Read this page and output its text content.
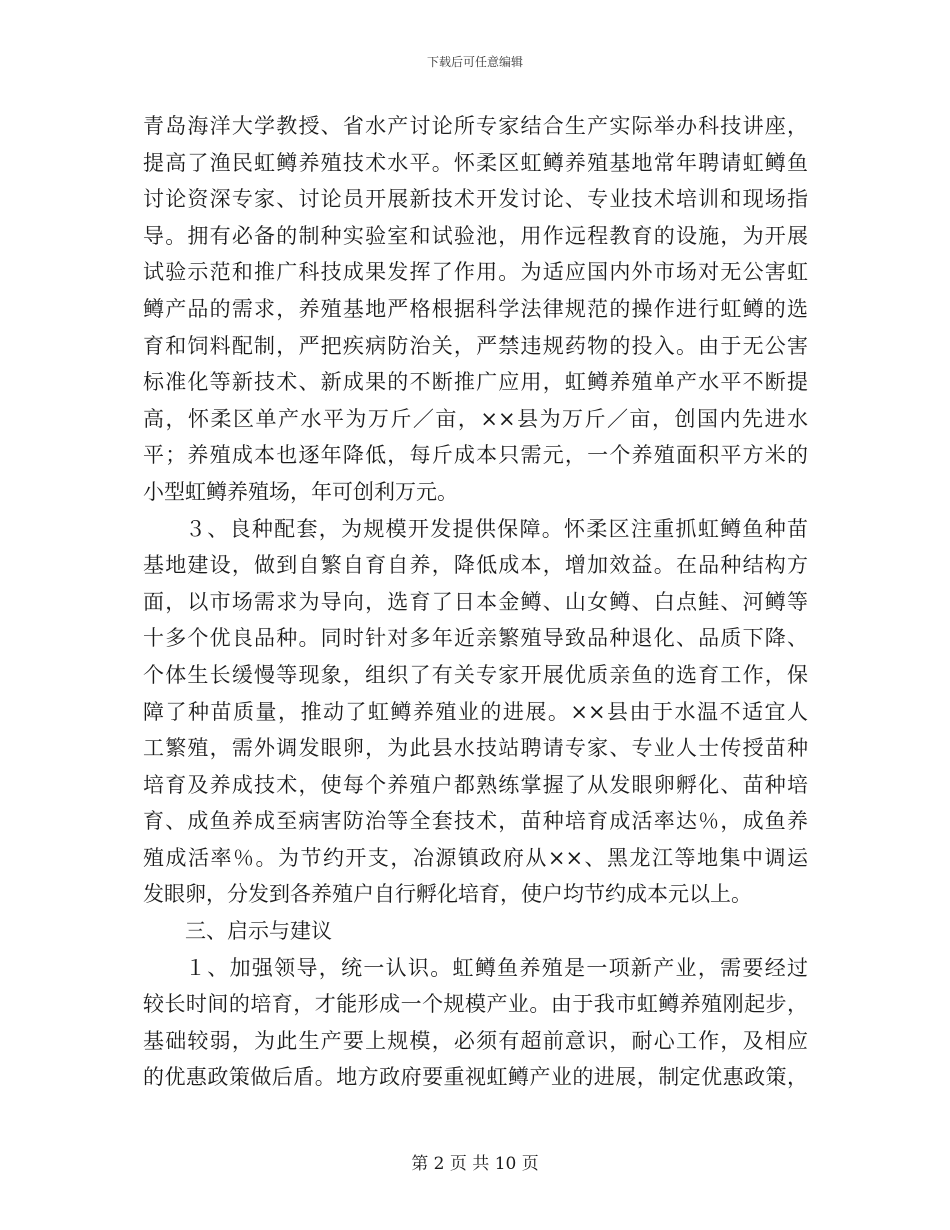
下载后可任意编辑
青岛海洋大学教授、省水产讨论所专家结合生产实际举办科技讲座，
提高了渔民虹鳟养殖技术水平。怀柔区虹鳟养殖基地常年聘请虹鳟鱼
讨论资深专家、讨论员开展新技术开发讨论、专业技术培训和现场指
导。拥有必备的制种实验室和试验池，用作远程教育的设施，为开展
试验示范和推广科技成果发挥了作用。为适应国内外市场对无公害虹
鳟产品的需求，养殖基地严格根据科学法律规范的操作进行虹鳟的选
育和饲料配制，严把疾病防治关，严禁违规药物的投入。由于无公害
标准化等新技术、新成果的不断推广应用，虹鳟养殖单产水平不断提
高，怀柔区单产水平为万斤／亩，××县为万斤／亩，创国内先进水
平；养殖成本也逐年降低，每斤成本只需元，一个养殖面积平方米的
小型虹鳟养殖场，年可创利万元。
３、良种配套，为规模开发提供保障。怀柔区注重抓虹鳟鱼种苗
基地建设，做到自繁自育自养，降低成本，增加效益。在品种结构方
面，以市场需求为导向，选育了日本金鳟、山女鳟、白点鲑、河鳟等
十多个优良品种。同时针对多年近亲繁殖导致品种退化、品质下降、
个体生长缓慢等现象，组织了有关专家开展优质亲鱼的选育工作，保
障了种苗质量，推动了虹鳟养殖业的进展。××县由于水温不适宜人
工繁殖，需外调发眼卵，为此县水技站聘请专家、专业人士传授苗种
培育及养成技术，使每个养殖户都熟练掌握了从发眼卵孵化、苗种培
育、成鱼养成至病害防治等全套技术，苗种培育成活率达％，成鱼养
殖成活率％。为节约开支，冶源镇政府从××、黑龙江等地集中调运
发眼卵，分发到各养殖户自行孵化培育，使户均节约成本元以上。
三、启示与建议
１、加强领导，统一认识。虹鳟鱼养殖是一项新产业，需要经过
较长时间的培育，才能形成一个规模产业。由于我市虹鳟养殖刚起步，
基础较弱，为此生产要上规模，必须有超前意识，耐心工作，及相应
的优惠政策做后盾。地方政府要重视虹鳟产业的进展，制定优惠政策，
第 2 页 共 10 页
